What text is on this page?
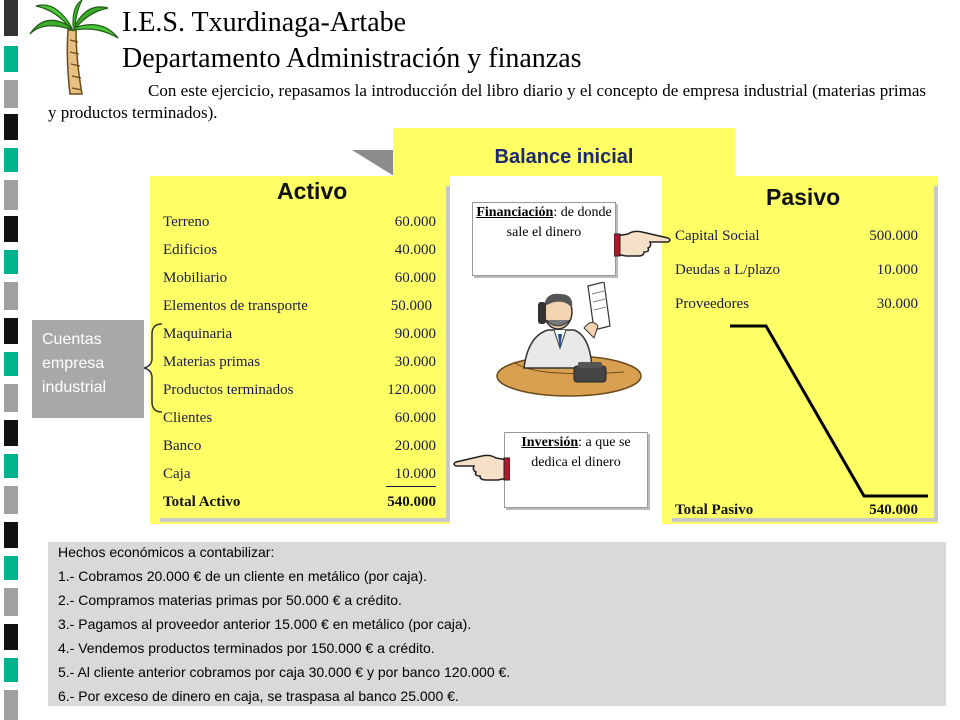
I.E.S. Txurdinaga-Artabe
Departamento Administración y finanzas
Con este ejercicio, repasamos la introducción del libro diario y el concepto de empresa industrial (materias primas y productos terminados).
Balance inicial
Activo
Terreno	60.000
Edificios	40.000
Mobiliario	60.000
Elementos de transporte	50.000
Maquinaria	90.000
Materias primas	30.000
Productos terminados	120.000
Clientes	60.000
Banco	20.000
Caja	10.000
Total Activo	540.000
Pasivo
Capital Social	500.000
Deudas a L/plazo	10.000
Proveedores	30.000
Total Pasivo	540.000
Financiación: de donde sale el dinero
Inversión: a que se dedica el dinero
Cuentas
empresa
industrial
Hechos económicos a contabilizar:
1.- Cobramos 20.000 € de un cliente en metálico (por caja).
2.- Compramos materias primas por 50.000 € a crédito.
3.- Pagamos al proveedor anterior 15.000 € en metálico (por caja).
4.- Vendemos productos terminados por 150.000 € a crédito.
5.- Al cliente anterior cobramos por caja 30.000 € y por banco 120.000 €.
6.- Por exceso de dinero en caja, se traspasa al banco 25.000 €.
